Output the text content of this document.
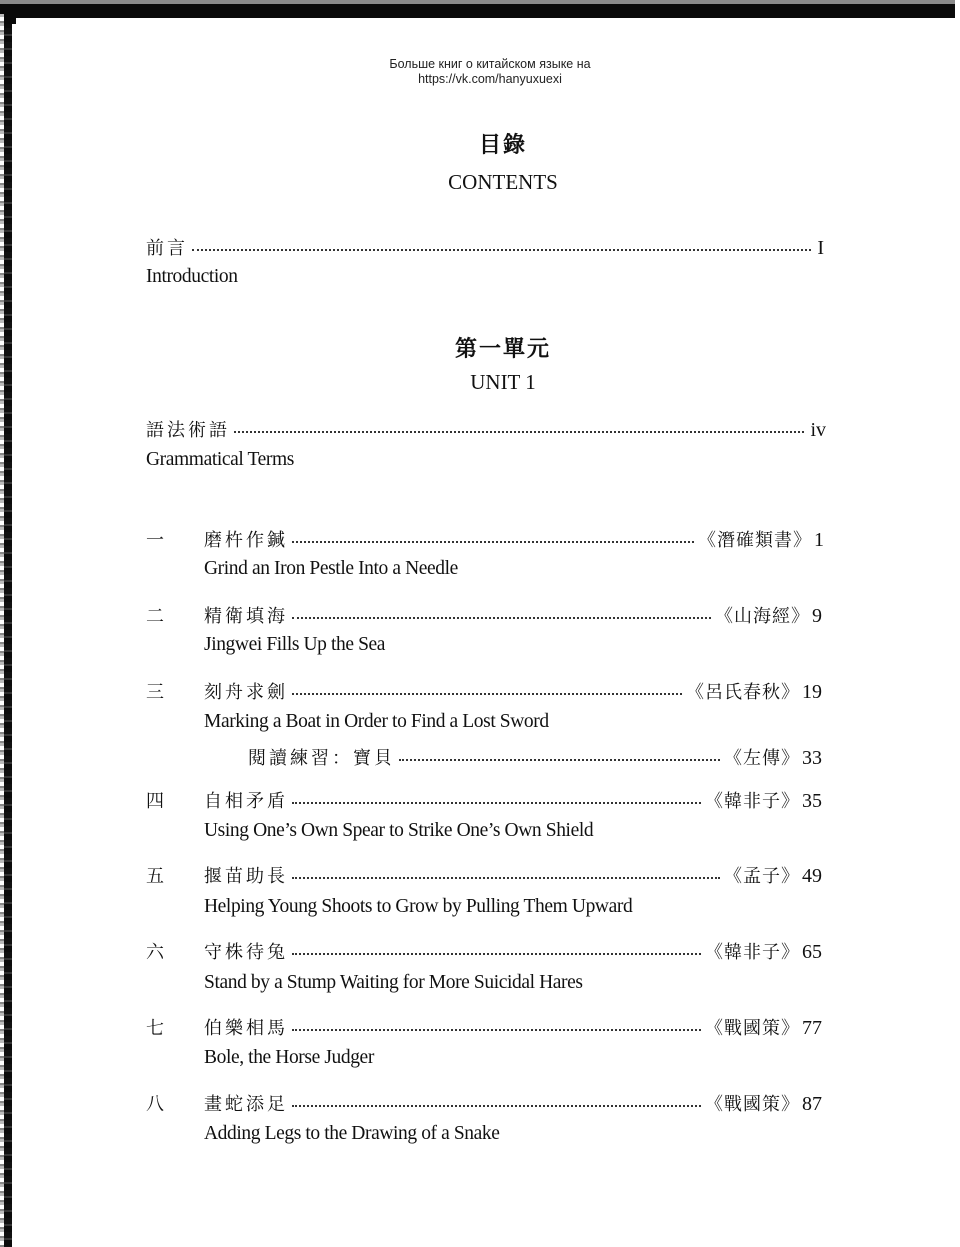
Больше книг о китайском языке на
https://vk.com/hanyuxuexi
目錄
CONTENTS
前言	I
Introduction
第一單元
UNIT 1
語法術語	iv
Grammatical Terms
一	磨杵作鍼	《潛確類書》 1
Grind an Iron Pestle Into a Needle
二	精衛填海	《山海經》 9
Jingwei Fills Up the Sea
三	刻舟求劍	《呂氏春秋》 19
Marking a Boat in Order to Find a Lost Sword
閱讀練習：寶貝	《左傳》 33
四	自相矛盾	《韓非子》 35
Using One’s Own Spear to Strike One’s Own Shield
五	揠苗助長	《孟子》 49
Helping Young Shoots to Grow by Pulling Them Upward
六	守株待兔	《韓非子》 65
Stand by a Stump Waiting for More Suicidal Hares
七	伯樂相馬	《戰國策》 77
Bole, the Horse Judger
八	畫蛇添足	《戰國策》 87
Adding Legs to the Drawing of a Snake
